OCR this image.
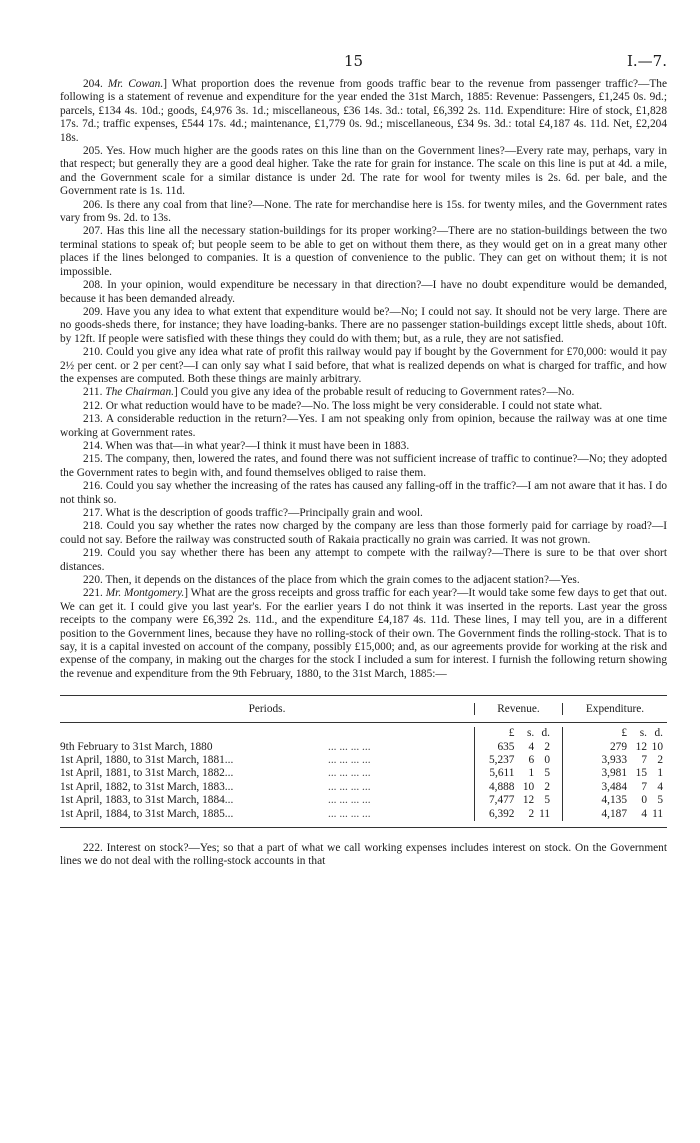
15	I.—7.

204. Mr. Cowan.] What proportion does the revenue from goods traffic bear to the revenue from passenger traffic?—The following is a statement of revenue and expenditure for the year ended the 31st March, 1885: Revenue: Passengers, £1,245 0s. 9d.; parcels, £134 4s. 10d.; goods, £4,976 3s. 1d.; miscellaneous, £36 14s. 3d.: total, £6,392 2s. 11d. Expenditure: Hire of stock, £1,828 17s. 7d.; traffic expenses, £544 17s. 4d.; maintenance, £1,779 0s. 9d.; miscellaneous, £34 9s. 3d.: total £4,187 4s. 11d. Net, £2,204 18s.

205. Yes. How much higher are the goods rates on this line than on the Government lines?—Every rate may, perhaps, vary in that respect; but generally they are a good deal higher. Take the rate for grain for instance. The scale on this line is put at 4d. a mile, and the Government scale for a similar distance is under 2d. The rate for wool for twenty miles is 2s. 6d. per bale, and the Government rate is 1s. 11d.

206. Is there any coal from that line?—None. The rate for merchandise here is 15s. for twenty miles, and the Government rates vary from 9s. 2d. to 13s.

207. Has this line all the necessary station-buildings for its proper working?—There are no station-buildings between the two terminal stations to speak of; but people seem to be able to get on without them there, as they would get on in a great many other places if the lines belonged to companies. It is a question of convenience to the public. They can get on without them; it is not impossible.

208. In your opinion, would expenditure be necessary in that direction?—I have no doubt expenditure would be demanded, because it has been demanded already.

209. Have you any idea to what extent that expenditure would be?—No; I could not say. It should not be very large. There are no goods-sheds there, for instance; they have loading-banks. There are no passenger station-buildings except little sheds, about 10ft. by 12ft. If people were satisfied with these things they could do with them; but, as a rule, they are not satisfied.

210. Could you give any idea what rate of profit this railway would pay if bought by the Government for £70,000: would it pay 2½ per cent. or 2 per cent?—I can only say what I said before, that what is realized depends on what is charged for traffic, and how the expenses are computed. Both these things are mainly arbitrary.

211. The Chairman.] Could you give any idea of the probable result of reducing to Government rates?—No.

212. Or what reduction would have to be made?—No. The loss might be very considerable. I could not state what.

213. A considerable reduction in the return?—Yes. I am not speaking only from opinion, because the railway was at one time working at Government rates.

214. When was that—in what year?—I think it must have been in 1883.

215. The company, then, lowered the rates, and found there was not sufficient increase of traffic to continue?—No; they adopted the Government rates to begin with, and found themselves obliged to raise them.

216. Could you say whether the increasing of the rates has caused any falling-off in the traffic?—I am not aware that it has. I do not think so.

217. What is the description of goods traffic?—Principally grain and wool.

218. Could you say whether the rates now charged by the company are less than those formerly paid for carriage by road?—I could not say. Before the railway was constructed south of Rakaia practically no grain was carried. It was not grown.

219. Could you say whether there has been any attempt to compete with the railway?—There is sure to be that over short distances.

220. Then, it depends on the distances of the place from which the grain comes to the adjacent station?—Yes.

221. Mr. Montgomery.] What are the gross receipts and gross traffic for each year?—It would take some few days to get that out. We can get it. I could give you last year's. For the earlier years I do not think it was inserted in the reports. Last year the gross receipts to the company were £6,392 2s. 11d., and the expenditure £4,187 4s. 11d. These lines, I may tell you, are in a different position to the Government lines, because they have no rolling-stock of their own. The Government finds the rolling-stock. That is to say, it is a capital invested on account of the company, possibly £15,000; and, as our agreements provide for working at the risk and expense of the company, in making out the charges for the stock I included a sum for interest. I furnish the following return showing the revenue and expenditure from the 9th February, 1880, to the 31st March, 1885:—

Periods.	Revenue.	Expenditure.
£	s. d.	£	s. d.
9th February to 31st March, 1880	... ... ... ...	635	4 2	279 12 10
1st April, 1880, to 31st March, 1881...	... ... ... ...	5,237	6 0	3,933	7 2
1st April, 1881, to 31st March, 1882...	... ... ... ...	5,611	1 5	3,981 15 1
1st April, 1882, to 31st March, 1883...	... ... ... ...	4,888 10 2	3,484	7 4
1st April, 1883, to 31st March, 1884...	... ... ... ...	7,477 12 5	4,135	0 5
1st April, 1884, to 31st March, 1885...	... ... ... ...	6,392	2 11	4,187	4 11

222. Interest on stock?—Yes; so that a part of what we call working expenses includes interest on stock. On the Government lines we do not deal with the rolling-stock accounts in that
